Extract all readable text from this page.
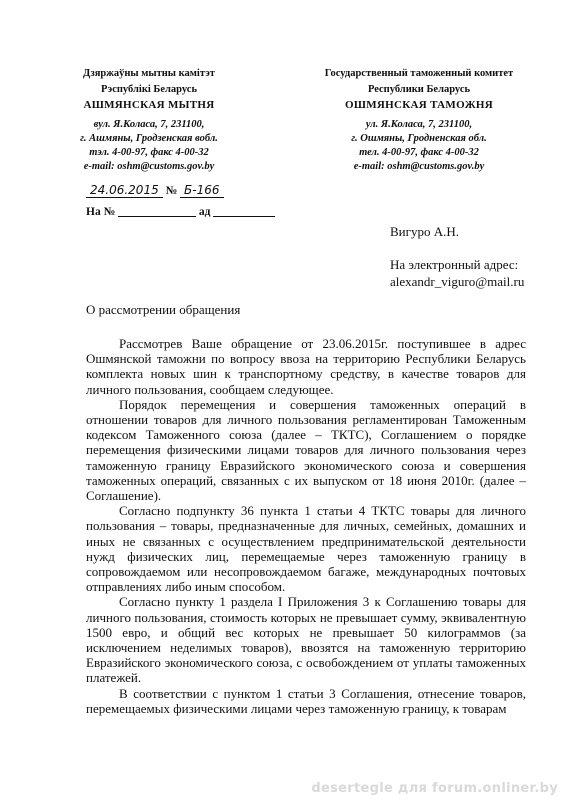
Дзяржаўны мытны камітэт
Рэспублікі Беларусь
АШМЯНСКАЯ МЫТНЯ
вул. Я.Коласа, 7, 231100,
г. Ашмяны, Гродзенская вобл.
тэл. 4-00-97, факс 4-00-32
e-mail: oshm@customs.gov.by
Государственный таможенный комитет
Республики Беларусь
ОШМЯНСКАЯ ТАМОЖНЯ
ул. Я.Коласа, 7, 231100,
г. Ошмяны, Гродненская обл.
тел. 4-00-97, факс 4-00-32
e-mail: oshm@customs.gov.by
24.06.2015 № Б-166
На №	ад
Вигуро А.Н.
На электронный адрес:
alexandr_viguro@mail.ru
О рассмотрении обращения

Рассмотрев Ваше обращение от 23.06.2015г. поступившее в адрес Ошмянской таможни по вопросу ввоза на территорию Республики Беларусь комплекта новых шин к транспортному средству, в качестве товаров для личного пользования, сообщаем следующее.

Порядок перемещения и совершения таможенных операций в отношении товаров для личного пользования регламентирован Таможенным кодексом Таможенного союза (далее – ТКТС), Соглашением о порядке перемещения физическими лицами товаров для личного пользования через таможенную границу Евразийского экономического союза и совершения таможенных операций, связанных с их выпуском от 18 июня 2010г. (далее – Соглашение).

Согласно подпункту 36 пункта 1 статьи 4 ТКТС товары для личного пользования – товары, предназначенные для личных, семейных, домашних и иных не связанных с осуществлением предпринимательской деятельности нужд физических лиц, перемещаемые через таможенную границу в сопровождаемом или несопровождаемом багаже, международных почтовых отправлениях либо иным способом.

Согласно пункту 1 раздела I Приложения 3 к Соглашению товары для личного пользования, стоимость которых не превышает сумму, эквивалентную 1500 евро, и общий вес которых не превышает 50 килограммов (за исключением неделимых товаров), ввозятся на таможенную территорию Евразийского экономического союза, с освобождением от уплаты таможенных платежей.

В соответствии с пунктом 1 статьи 3 Соглашения, отнесение товаров, перемещаемых физическими лицами через таможенную границу, к товарам

desertegle для forum.onliner.by
